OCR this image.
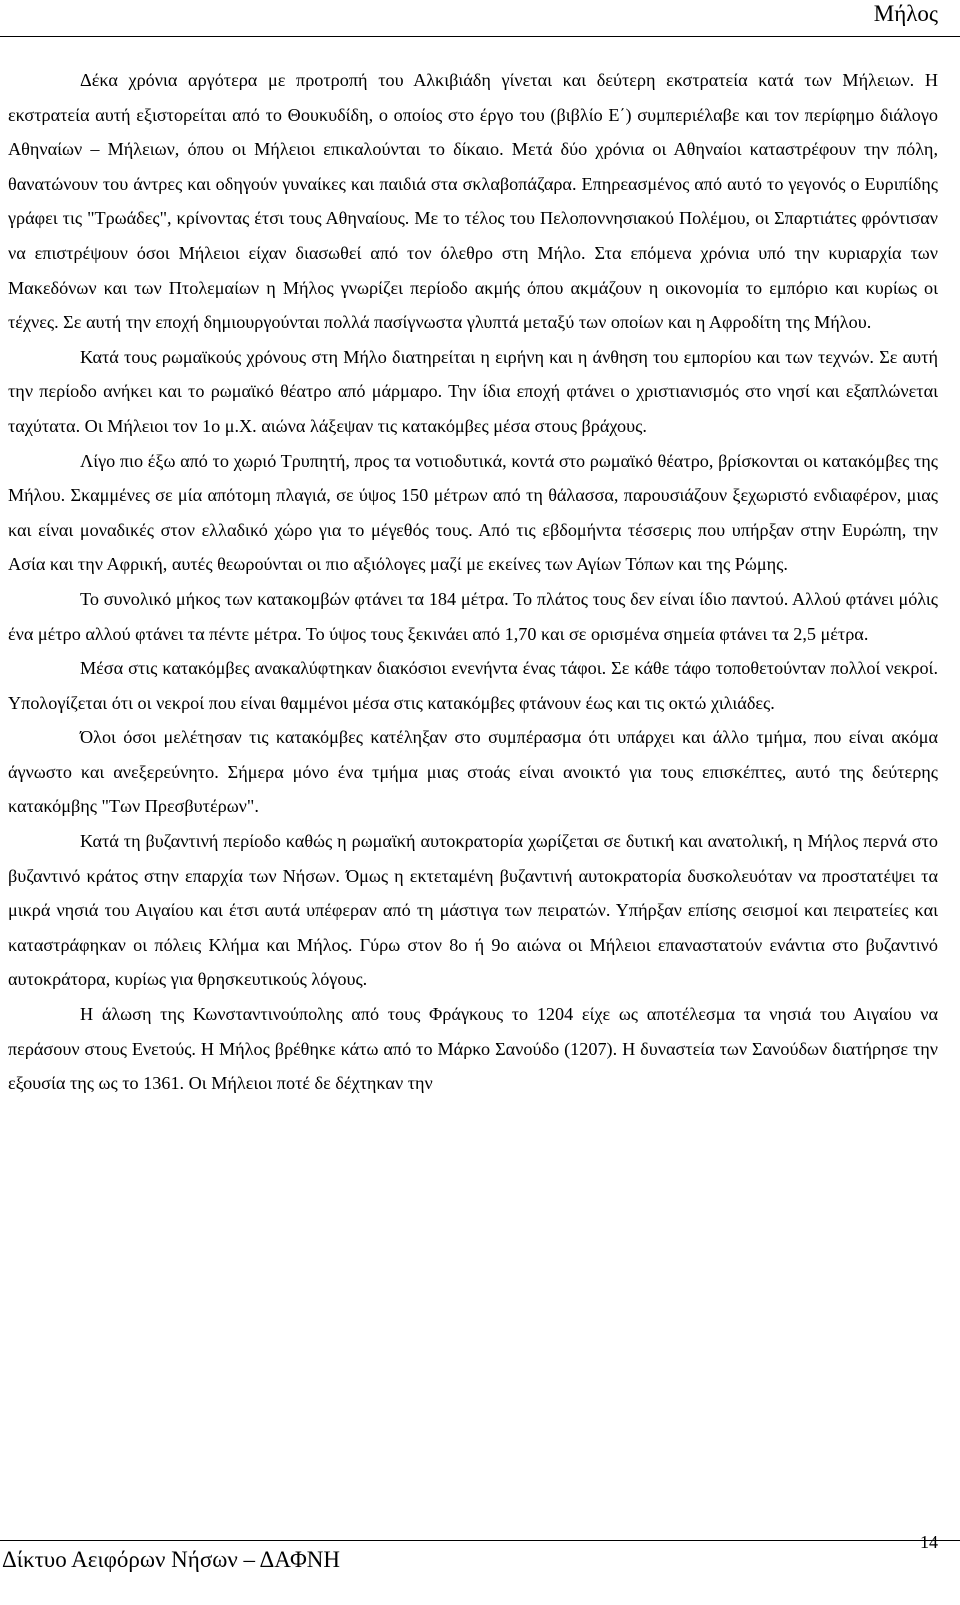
Μήλος

Δέκα χρόνια αργότερα με προτροπή του Αλκιβιάδη γίνεται και δεύτερη εκστρατεία κατά των Μήλειων. Η εκστρατεία αυτή εξιστορείται από το Θουκυδίδη, ο οποίος στο έργο του (βιβλίο Ε΄) συμπεριέλαβε και τον περίφημο διάλογο Αθηναίων – Μήλειων, όπου οι Μήλειοι επικαλούνται το δίκαιο. Μετά δύο χρόνια οι Αθηναίοι καταστρέφουν την πόλη, θανατώνουν του άντρες και οδηγούν γυναίκες και παιδιά στα σκλαβοπάζαρα. Επηρεασμένος από αυτό το γεγονός ο Ευριπίδης γράφει τις "Τρωάδες", κρίνοντας έτσι τους Αθηναίους. Με το τέλος του Πελοποννησιακού Πολέμου, οι Σπαρτιάτες φρόντισαν να επιστρέψουν όσοι Μήλειοι είχαν διασωθεί από τον όλεθρο στη Μήλο. Στα επόμενα χρόνια υπό την κυριαρχία των Μακεδόνων και των Πτολεμαίων η Μήλος γνωρίζει περίοδο ακμής όπου ακμάζουν η οικονομία το εμπόριο και κυρίως οι τέχνες. Σε αυτή την εποχή δημιουργούνται πολλά πασίγνωστα γλυπτά μεταξύ των οποίων και η Αφροδίτη της Μήλου.

Κατά τους ρωμαϊκούς χρόνους στη Μήλο διατηρείται η ειρήνη και η άνθηση του εμπορίου και των τεχνών. Σε αυτή την περίοδο ανήκει και το ρωμαϊκό θέατρο από μάρμαρο. Την ίδια εποχή φτάνει ο χριστιανισμός στο νησί και εξαπλώνεται ταχύτατα. Οι Μήλειοι τον 1ο μ.Χ. αιώνα λάξεψαν τις κατακόμβες μέσα στους βράχους.

Λίγο πιο έξω από το χωριό Τρυπητή, προς τα νοτιοδυτικά, κοντά στο ρωμαϊκό θέατρο, βρίσκονται οι κατακόμβες της Μήλου. Σκαμμένες σε μία απότομη πλαγιά, σε ύψος 150 μέτρων από τη θάλασσα, παρουσιάζουν ξεχωριστό ενδιαφέρον, μιας και είναι μοναδικές στον ελλαδικό χώρο για το μέγεθός τους. Από τις εβδομήντα τέσσερις που υπήρξαν στην Ευρώπη, την Ασία και την Αφρική, αυτές θεωρούνται οι πιο αξιόλογες μαζί με εκείνες των Αγίων Τόπων και της Ρώμης.

Το συνολικό μήκος των κατακομβών φτάνει τα 184 μέτρα. Το πλάτος τους δεν είναι ίδιο παντού. Αλλού φτάνει μόλις ένα μέτρο αλλού φτάνει τα πέντε μέτρα. Το ύψος τους ξεκινάει από 1,70 και σε ορισμένα σημεία φτάνει τα 2,5 μέτρα.

Μέσα στις κατακόμβες ανακαλύφτηκαν διακόσιοι ενενήντα ένας τάφοι. Σε κάθε τάφο τοποθετούνταν πολλοί νεκροί. Υπολογίζεται ότι οι νεκροί που είναι θαμμένοι μέσα στις κατακόμβες φτάνουν έως και τις οκτώ χιλιάδες.

Όλοι όσοι μελέτησαν τις κατακόμβες κατέληξαν στο συμπέρασμα ότι υπάρχει και άλλο τμήμα, που είναι ακόμα άγνωστο και ανεξερεύνητο. Σήμερα μόνο ένα τμήμα μιας στοάς είναι ανοικτό για τους επισκέπτες, αυτό της δεύτερης κατακόμβης "Των Πρεσβυτέρων".

Κατά τη βυζαντινή περίοδο καθώς η ρωμαϊκή αυτοκρατορία χωρίζεται σε δυτική και ανατολική, η Μήλος περνά στο βυζαντινό κράτος στην επαρχία των Νήσων. Όμως η εκτεταμένη βυζαντινή αυτοκρατορία δυσκολευόταν να προστατέψει τα μικρά νησιά του Αιγαίου και έτσι αυτά υπέφεραν από τη μάστιγα των πειρατών. Υπήρξαν επίσης σεισμοί και πειρατείες και καταστράφηκαν οι πόλεις Κλήμα και Μήλος. Γύρω στον 8ο ή 9ο αιώνα οι Μήλειοι επαναστατούν ενάντια στο βυζαντινό αυτοκράτορα, κυρίως για θρησκευτικούς λόγους.

Η άλωση της Κωνσταντινούπολης από τους Φράγκους το 1204 είχε ως αποτέλεσμα τα νησιά του Αιγαίου να περάσουν στους Ενετούς. Η Μήλος βρέθηκε κάτω από το Μάρκο Σανούδο (1207). Η δυναστεία των Σανούδων διατήρησε την εξουσία της ως το 1361. Οι Μήλειοι ποτέ δε δέχτηκαν την

Δίκτυο Αειφόρων Νήσων – ΔΑΦΝΗ
14
